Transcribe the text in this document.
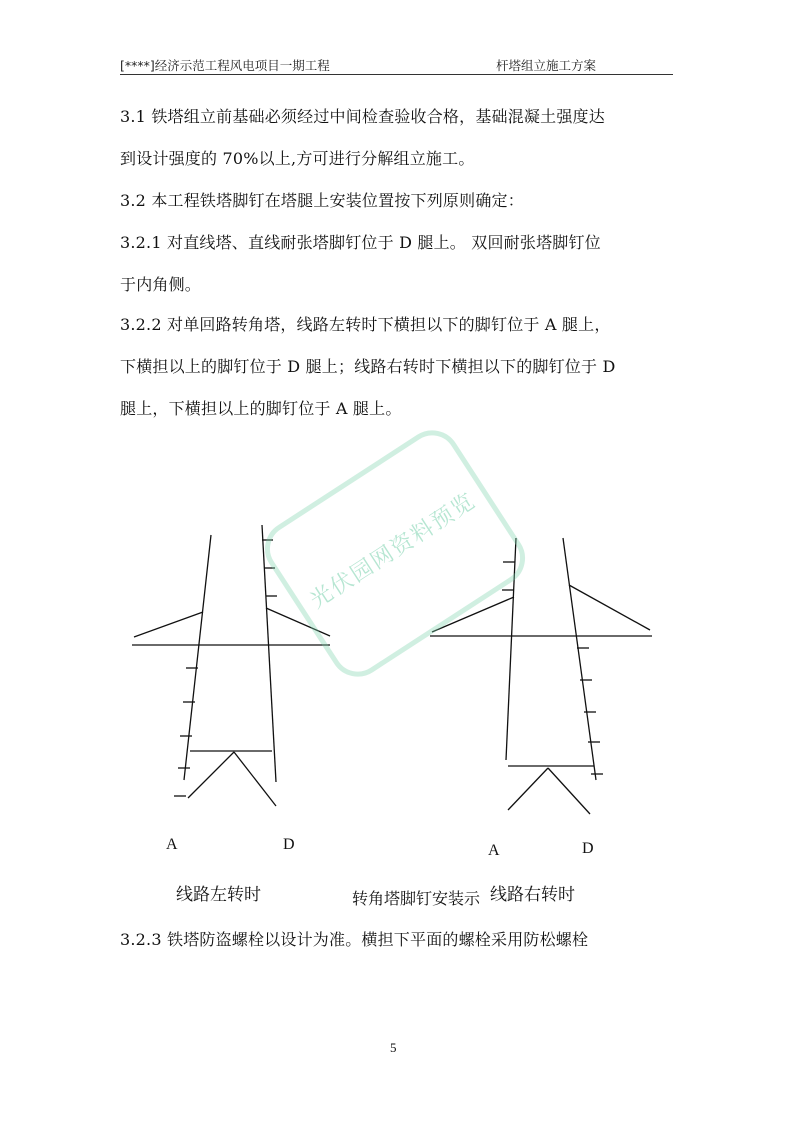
[****]经济示范工程风电项目一期工程	杆塔组立施工方案
3.1 铁塔组立前基础必须经过中间检查验收合格，基础混凝土强度达
到设计强度的 70%以上,方可进行分解组立施工。
3.2 本工程铁塔脚钉在塔腿上安装位置按下列原则确定：
3.2.1 对直线塔、直线耐张塔脚钉位于 D 腿上。 双回耐张塔脚钉位
于内角侧。
3.2.2 对单回路转角塔，线路左转时下横担以下的脚钉位于 A 腿上，
下横担以上的脚钉位于 D 腿上；线路右转时下横担以下的脚钉位于 D
腿上，下横担以上的脚钉位于 A 腿上。
A	D	A	D
线路左转时	转角塔脚钉安装示 线路右转时
3.2.3 铁塔防盗螺栓以设计为准。横担下平面的螺栓采用防松螺栓
光伏园网资料预览
5
